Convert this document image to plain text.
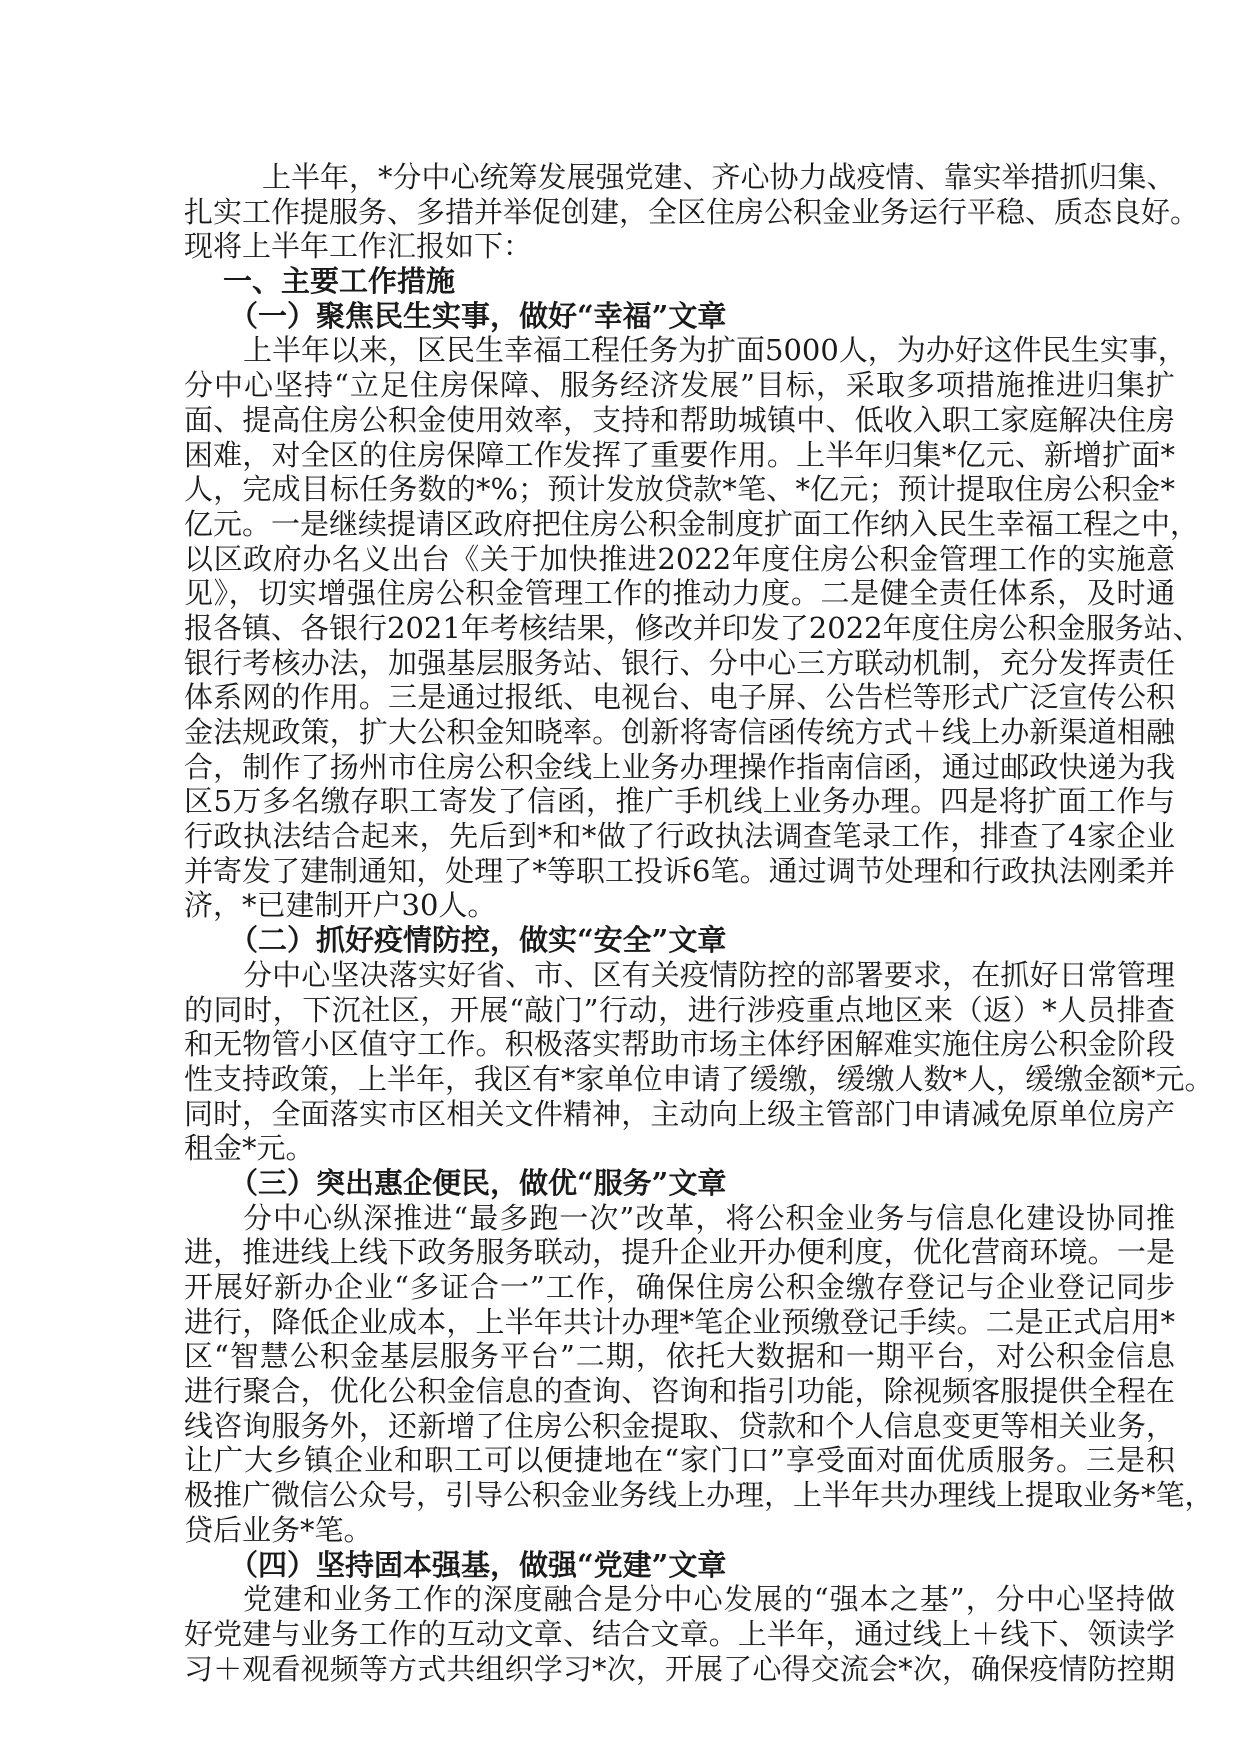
上半年，*分中心统筹发展强党建、齐心协力战疫情、靠实举措抓归集、
扎实工作提服务、多措并举促创建，全区住房公积金业务运行平稳、质态良好。
现将上半年工作汇报如下：
一、主要工作措施
（一）聚焦民生实事，做好“幸福”文章
上半年以来，区民生幸福工程任务为扩面5000人，为办好这件民生实事，
分中心坚持“立足住房保障、服务经济发展”目标，采取多项措施推进归集扩
面、提高住房公积金使用效率，支持和帮助城镇中、低收入职工家庭解决住房
困难，对全区的住房保障工作发挥了重要作用。上半年归集*亿元、新增扩面*
人，完成目标任务数的*%；预计发放贷款*笔、*亿元；预计提取住房公积金*
亿元。一是继续提请区政府把住房公积金制度扩面工作纳入民生幸福工程之中，
以区政府办名义出台《关于加快推进2022年度住房公积金管理工作的实施意
见》，切实增强住房公积金管理工作的推动力度。二是健全责任体系，及时通
报各镇、各银行2021年考核结果，修改并印发了2022年度住房公积金服务站、
银行考核办法，加强基层服务站、银行、分中心三方联动机制，充分发挥责任
体系网的作用。三是通过报纸、电视台、电子屏、公告栏等形式广泛宣传公积
金法规政策，扩大公积金知晓率。创新将寄信函传统方式＋线上办新渠道相融
合，制作了扬州市住房公积金线上业务办理操作指南信函，通过邮政快递为我
区5万多名缴存职工寄发了信函，推广手机线上业务办理。四是将扩面工作与
行政执法结合起来，先后到*和*做了行政执法调查笔录工作，排查了4家企业
并寄发了建制通知，处理了*等职工投诉6笔。通过调节处理和行政执法刚柔并
济，*已建制开户30人。
（二）抓好疫情防控，做实“安全”文章
分中心坚决落实好省、市、区有关疫情防控的部署要求，在抓好日常管理
的同时，下沉社区，开展“敲门”行动，进行涉疫重点地区来（返）*人员排查
和无物管小区值守工作。积极落实帮助市场主体纾困解难实施住房公积金阶段
性支持政策，上半年，我区有*家单位申请了缓缴，缓缴人数*人，缓缴金额*元。
同时，全面落实市区相关文件精神，主动向上级主管部门申请减免原单位房产
租金*元。
（三）突出惠企便民，做优“服务”文章
分中心纵深推进“最多跑一次”改革，将公积金业务与信息化建设协同推
进，推进线上线下政务服务联动，提升企业开办便利度，优化营商环境。一是
开展好新办企业“多证合一”工作，确保住房公积金缴存登记与企业登记同步
进行，降低企业成本，上半年共计办理*笔企业预缴登记手续。二是正式启用*
区“智慧公积金基层服务平台”二期，依托大数据和一期平台，对公积金信息
进行聚合，优化公积金信息的查询、咨询和指引功能，除视频客服提供全程在
线咨询服务外，还新增了住房公积金提取、贷款和个人信息变更等相关业务，
让广大乡镇企业和职工可以便捷地在“家门口”享受面对面优质服务。三是积
极推广微信公众号，引导公积金业务线上办理，上半年共办理线上提取业务*笔，
贷后业务*笔。
（四）坚持固本强基，做强“党建”文章
党建和业务工作的深度融合是分中心发展的“强本之基”，分中心坚持做
好党建与业务工作的互动文章、结合文章。上半年，通过线上＋线下、领读学
习＋观看视频等方式共组织学习*次，开展了心得交流会*次，确保疫情防控期
